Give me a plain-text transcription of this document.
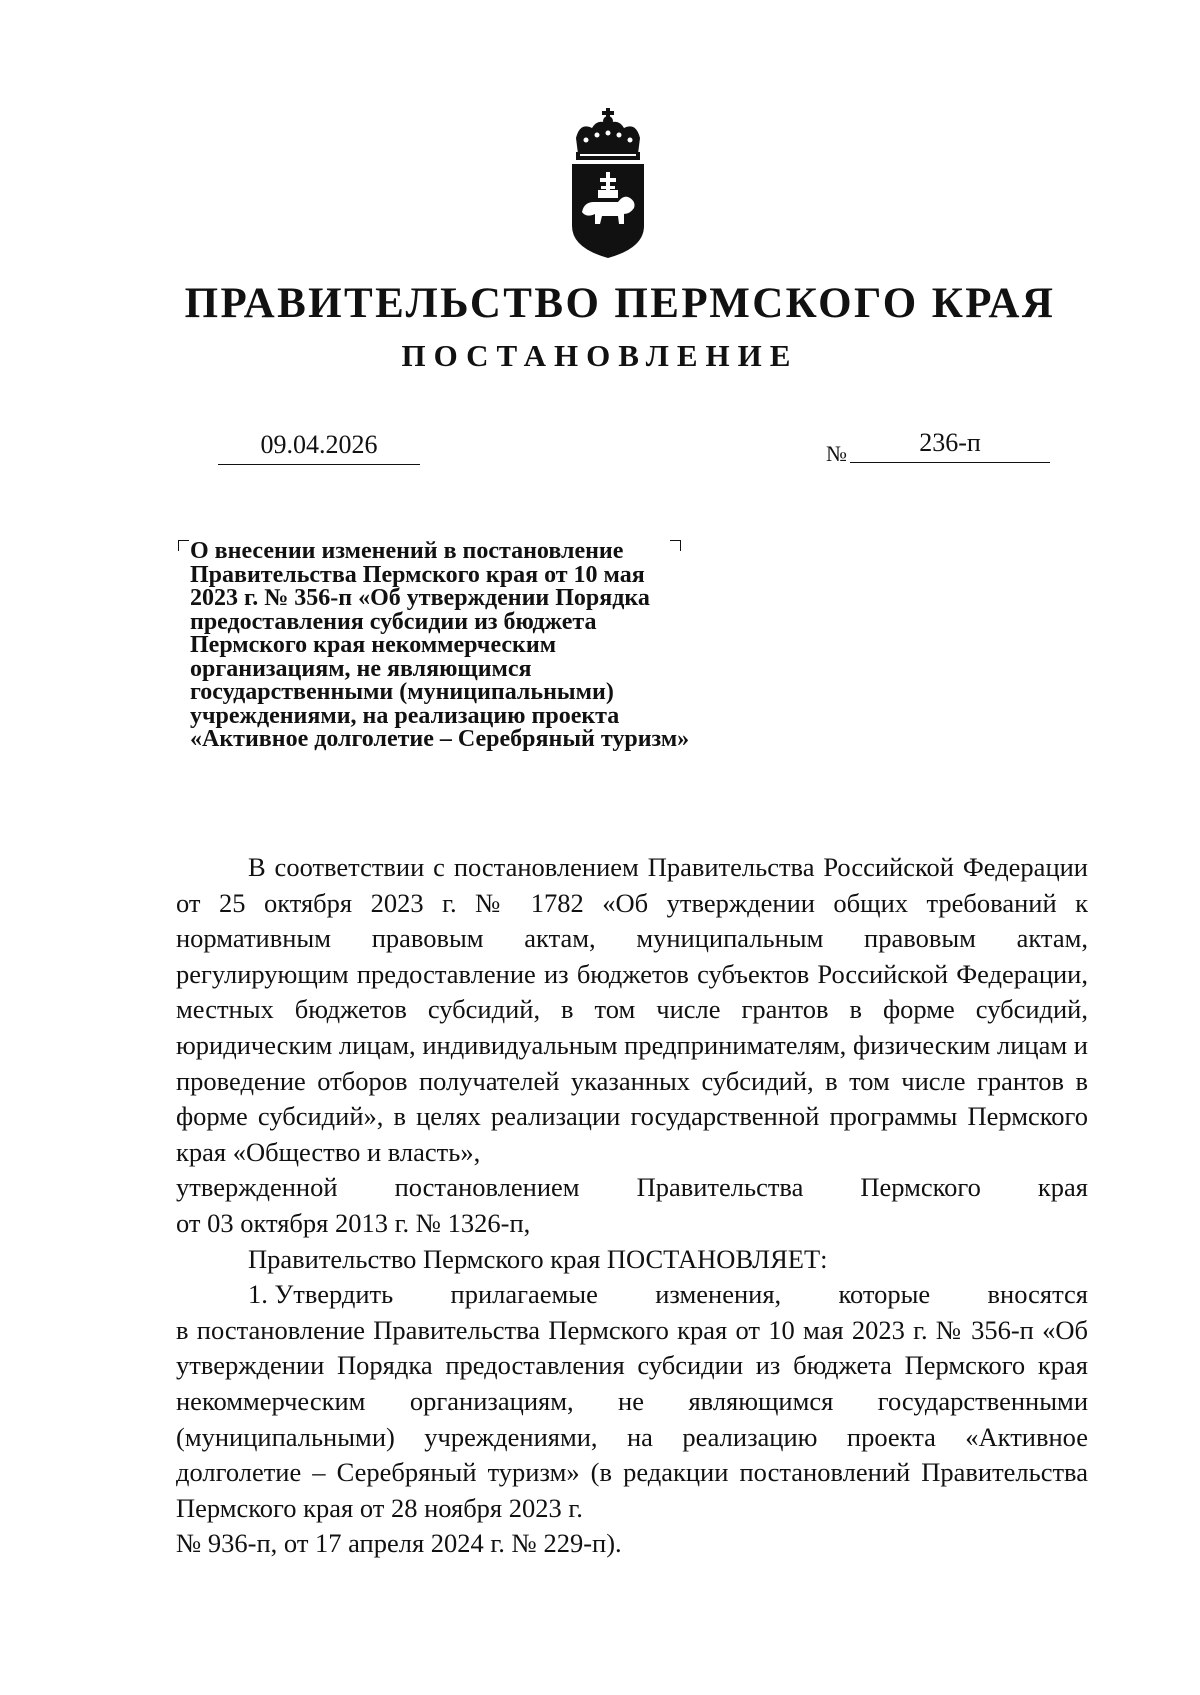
ПРАВИТЕЛЬСТВО ПЕРМСКОГО КРАЯ
ПОСТАНОВЛЕНИЕ
09.04.2026	№	236-п
О внесении изменений в постановление
Правительства Пермского края от 10 мая
2023 г. № 356-п «Об утверждении Порядка
предоставления субсидии из бюджета
Пермского края некоммерческим
организациям, не являющимся
государственными (муниципальными)
учреждениями, на реализацию проекта
«Активное долголетие – Серебряный туризм»

В соответствии с постановлением Правительства Российской Федерации от 25 октября 2023 г. № 1782 «Об утверждении общих требований к нормативным правовым актам, муниципальным правовым актам, регулирующим предоставление из бюджетов субъектов Российской Федерации, местных бюджетов субсидий, в том числе грантов в форме субсидий, юридическим лицам, индивидуальным предпринимателям, физическим лицам и проведение отборов получателей указанных субсидий, в том числе грантов в форме субсидий», в целях реализации государственной программы Пермского края «Общество и власть»,

утвержденной постановлением Правительства Пермского края
от 03 октября 2013 г. № 1326-п,

Правительство Пермского края ПОСТАНОВЛЯЕТ:

1. Утвердить прилагаемые изменения, которые вносятся

в постановление Правительства Пермского края от 10 мая 2023 г. № 356-п «Об утверждении Порядка предоставления субсидии из бюджета Пермского края некоммерческим организациям, не являющимся государственными (муниципальными) учреждениями, на реализацию проекта «Активное долголетие – Серебряный туризм» (в редакции постановлений Правительства Пермского края от 28 ноября 2023 г.

№ 936-п, от 17 апреля 2024 г. № 229-п).
